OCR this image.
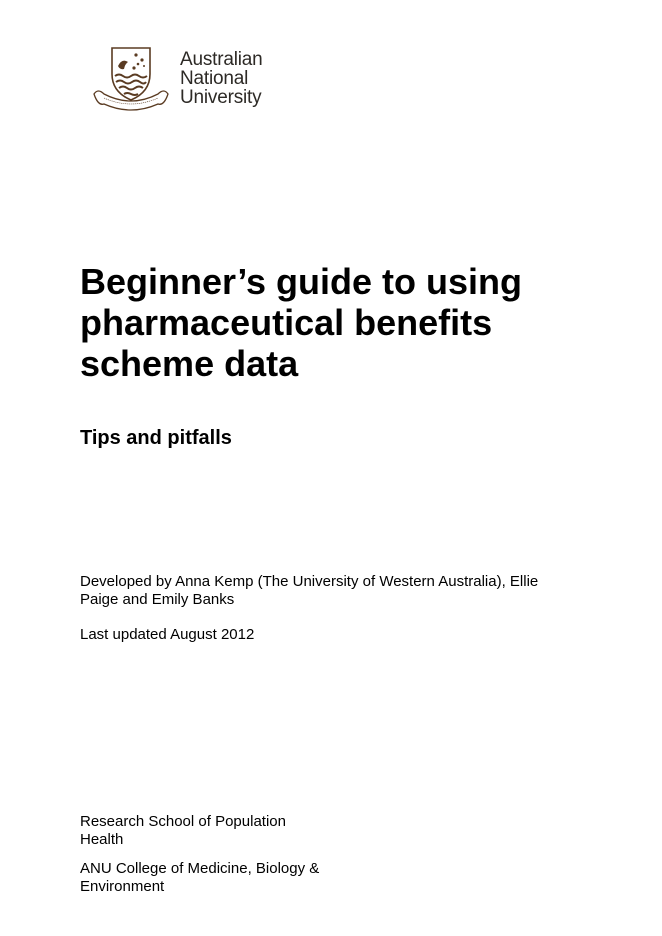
Australian
National
University
Beginner’s guide to using pharmaceutical benefits scheme data
Tips and pitfalls

Developed by Anna Kemp (The University of Western Australia), Ellie Paige and Emily Banks

Last updated August 2012

Research School of Population Health

ANU College of Medicine, Biology & Environment
